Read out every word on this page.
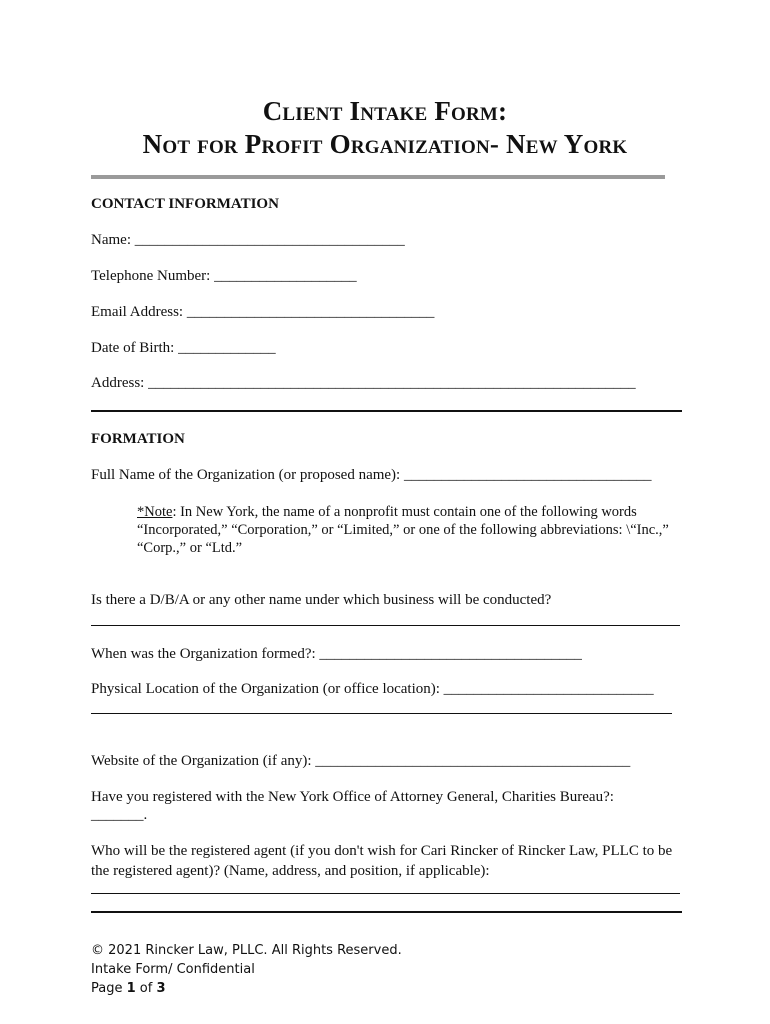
Client Intake Form:
Not for Profit Organization- New York
CONTACT INFORMATION
Name: ____________________________________
Telephone Number: ___________________
Email Address: _________________________________
Date of Birth: _____________
Address: _________________________________________________________________
FORMATION
Full Name of the Organization (or proposed name): _________________________________
*Note: In New York, the name of a nonprofit must contain one of the following words “Incorporated,” “Corporation,” or “Limited,” or one of the following abbreviations: \“Inc.,” “Corp.,” or “Ltd.”
Is there a D/B/A or any other name under which business will be conducted?
When was the Organization formed?: ___________________________________
Physical Location of the Organization (or office location): ____________________________
Website of the Organization (if any): __________________________________________
Have you registered with the New York Office of Attorney General, Charities Bureau?:
_______.
Who will be the registered agent (if you don't wish for Cari Rincker of Rincker Law, PLLC to be the registered agent)? (Name, address, and position, if applicable):
© 2021 Rincker Law, PLLC. All Rights Reserved.
Intake Form/ Confidential
Page 1 of 3
